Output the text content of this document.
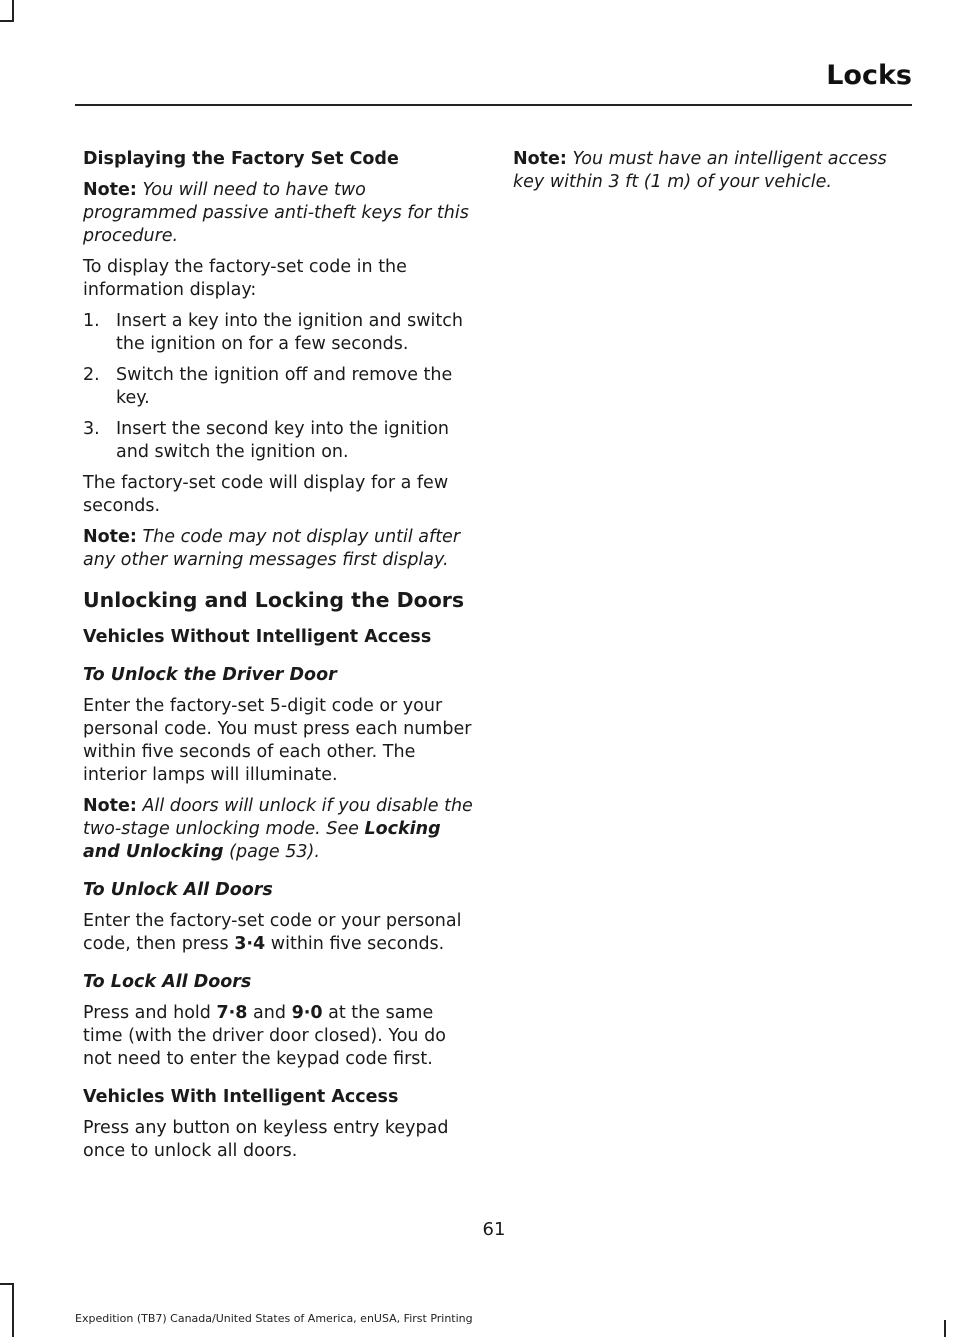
Locks

Displaying the Factory Set Code

Note: You will need to have two programmed passive anti-theft keys for this procedure.

To display the factory-set code in the information display:

1. Insert a key into the ignition and switch the ignition on for a few seconds.
2. Switch the ignition off and remove the key.
3. Insert the second key into the ignition and switch the ignition on.

The factory-set code will display for a few seconds.

Note: The code may not display until after any other warning messages first display.

Unlocking and Locking the Doors

Vehicles Without Intelligent Access

To Unlock the Driver Door

Enter the factory-set 5-digit code or your personal code. You must press each number within five seconds of each other. The interior lamps will illuminate.

Note: All doors will unlock if you disable the two-stage unlocking mode. See Locking and Unlocking (page 53).

To Unlock All Doors

Enter the factory-set code or your personal code, then press 3·4 within five seconds.

To Lock All Doors

Press and hold 7·8 and 9·0 at the same time (with the driver door closed). You do not need to enter the keypad code first.

Vehicles With Intelligent Access

Press any button on keyless entry keypad once to unlock all doors.

Note: You must have an intelligent access key within 3 ft (1 m) of your vehicle.

61
Expedition (TB7) Canada/United States of America, enUSA, First Printing
